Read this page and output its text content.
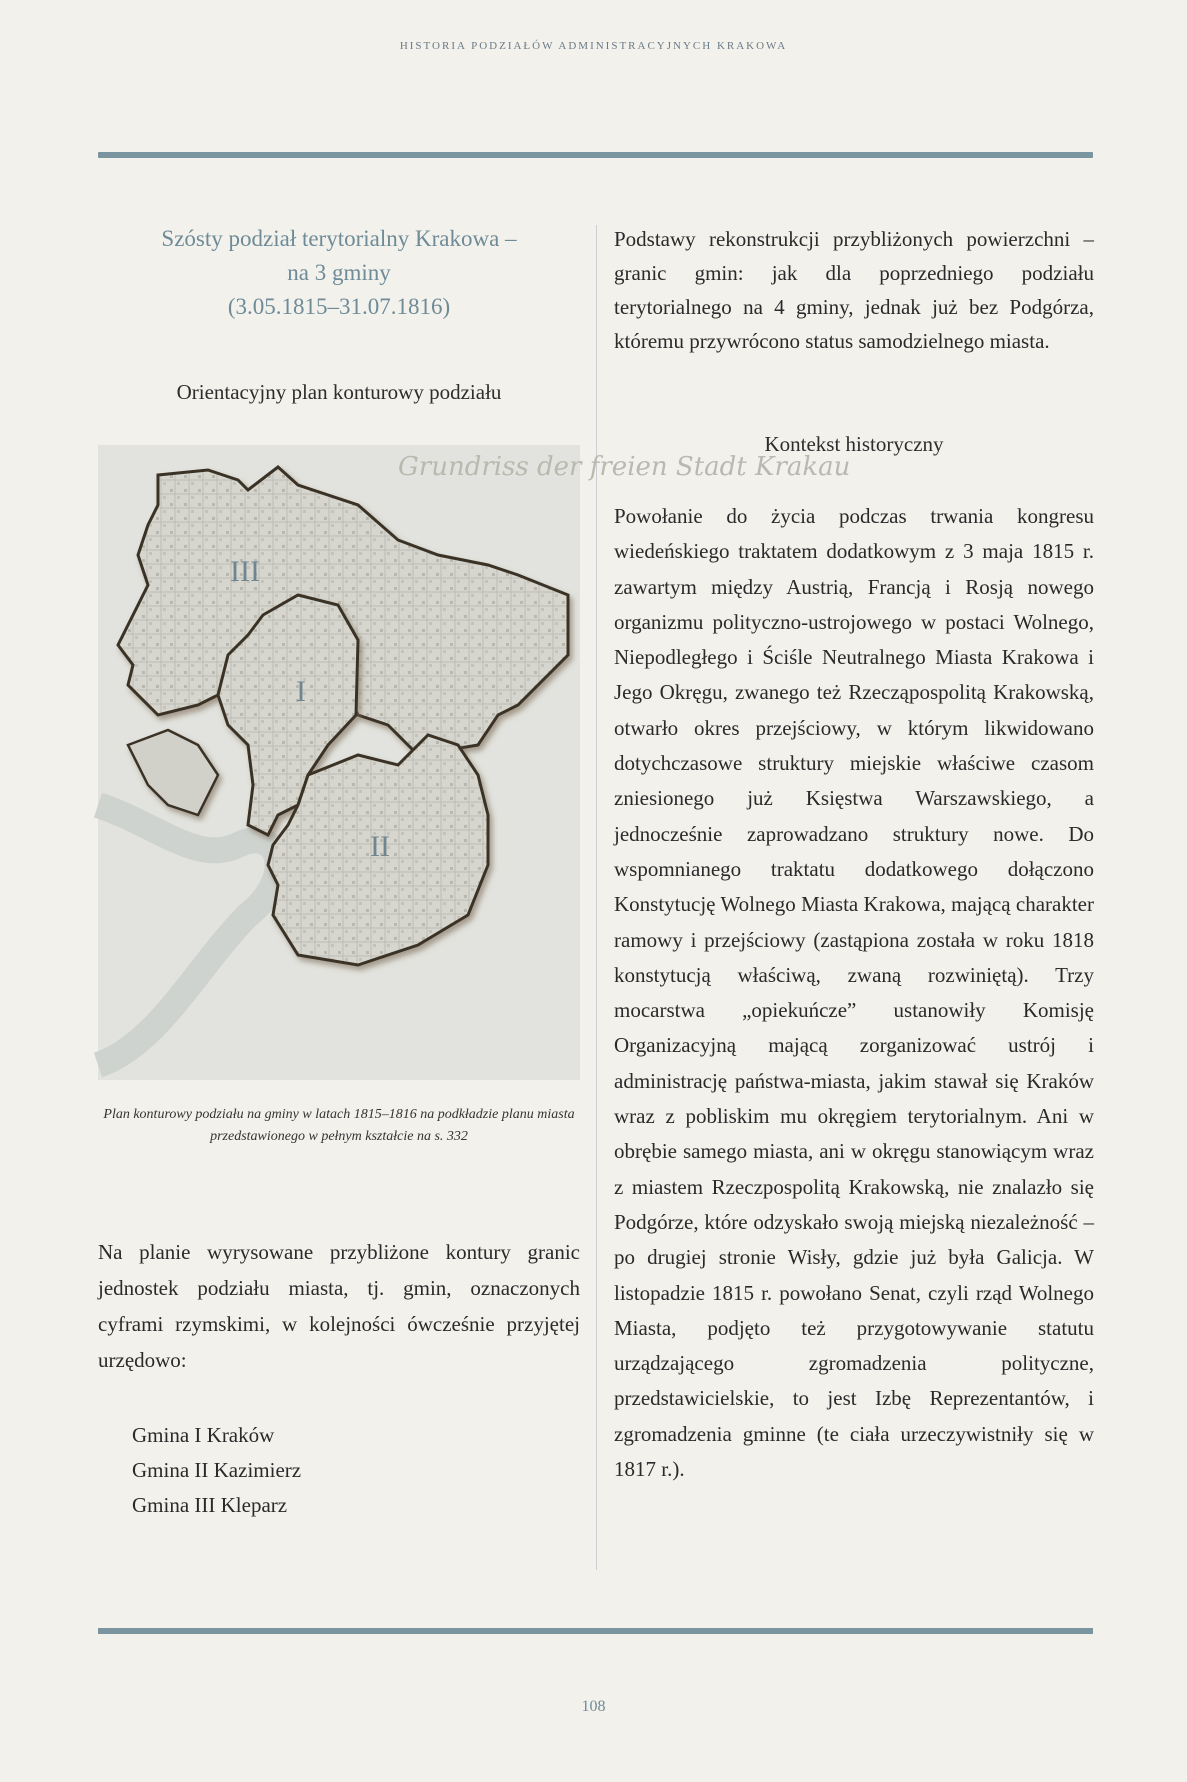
HISTORIA PODZIAŁÓW ADMINISTRACYJNYCH KRAKOWA
Szósty podział terytorialny Krakowa –
na 3 gminy
(3.05.1815–31.07.1816)
Orientacyjny plan konturowy podziału
Grundriss der freien Stadt Krakau
III
I
II
Plan konturowy podziału na gminy w latach 1815–1816 na podkładzie planu miasta przedstawionego w pełnym kształcie na s. 332
Na planie wyrysowane przybliżone kontury granic jednostek podziału miasta, tj. gmin, oznaczonych cyframi rzymskimi, w kolejności ówcześnie przyjętej urzędowo:
Gmina I Kraków
Gmina II Kazimierz
Gmina III Kleparz

Podstawy rekonstrukcji przybliżonych powierzchni – granic gmin: jak dla poprzedniego podziału terytorialnego na 4 gminy, jednak już bez Podgórza, któremu przywrócono status samodzielnego miasta.

Kontekst historyczny
Powołanie do życia podczas trwania kongresu wiedeńskiego traktatem dodatkowym z 3 maja 1815 r. zawartym między Austrią, Francją i Rosją nowego organizmu polityczno-ustrojowego w postaci Wolnego, Niepodległego i Ściśle Neutralnego Miasta Krakowa i Jego Okręgu, zwanego też Rzecząpospolitą Krakowską, otwarło okres przejściowy, w którym likwidowano dotychczasowe struktury miejskie właściwe czasom zniesionego już Księstwa Warszawskiego, a jednocześnie zaprowadzano struktury nowe. Do wspomnianego traktatu dodatkowego dołączono Konstytucję Wolnego Miasta Krakowa, mającą charakter ramowy i przejściowy (zastąpiona została w roku 1818 konstytucją właściwą, zwaną rozwiniętą). Trzy mocarstwa „opiekuńcze” ustanowiły Komisję Organizacyjną mającą zorganizować ustrój i administrację państwa-miasta, jakim stawał się Kraków wraz z pobliskim mu okręgiem terytorialnym. Ani w obrębie samego miasta, ani w okręgu stanowiącym wraz z miastem Rzeczpospolitą Krakowską, nie znalazło się Podgórze, które odzyskało swoją miejską niezależność – po drugiej stronie Wisły, gdzie już była Galicja. W listopadzie 1815 r. powołano Senat, czyli rząd Wolnego Miasta, podjęto też przygotowywanie statutu urządzającego zgromadzenia polityczne, przedstawicielskie, to jest Izbę Reprezentantów, i zgromadzenia gminne (te ciała urzeczywistniły się w 1817 r.).
108
